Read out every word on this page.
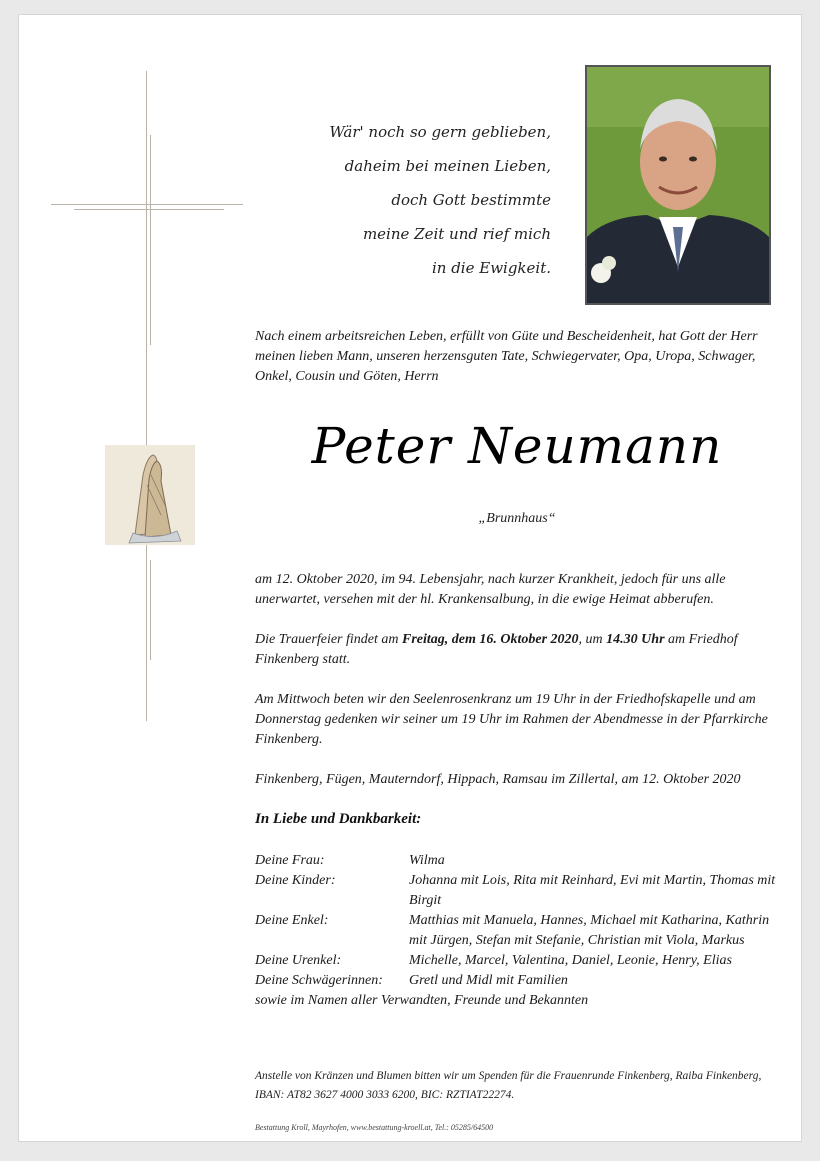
Wär' noch so gern geblieben,
daheim bei meinen Lieben,
doch Gott bestimmte
meine Zeit und rief mich
in die Ewigkeit.
Nach einem arbeitsreichen Leben, erfüllt von Güte und Bescheidenheit, hat Gott der Herr meinen lieben Mann, unseren herzensguten Tate, Schwiegervater, Opa, Uropa, Schwager, Onkel, Cousin und Göten, Herrn
Peter Neumann
„Brunnhaus“
am 12. Oktober 2020, im 94. Lebensjahr, nach kurzer Krankheit, jedoch für uns alle unerwartet, versehen mit der hl. Krankensalbung, in die ewige Heimat abberufen.
Die Trauerfeier findet am Freitag, dem 16. Oktober 2020, um 14.30 Uhr am Friedhof Finkenberg statt.
Am Mittwoch beten wir den Seelenrosenkranz um 19 Uhr in der Friedhofskapelle und am Donnerstag gedenken wir seiner um 19 Uhr im Rahmen der Abendmesse in der Pfarrkirche Finkenberg.
Finkenberg, Fügen, Mauterndorf, Hippach, Ramsau im Zillertal, am 12. Oktober 2020
In Liebe und Dankbarkeit:
Deine Frau:	Wilma
Deine Kinder:	Johanna mit Lois, Rita mit Reinhard, Evi mit Martin, Thomas mit Birgit
Deine Enkel:	Matthias mit Manuela, Hannes, Michael mit Katharina, Kathrin mit Jürgen, Stefan mit Stefanie, Christian mit Viola, Markus
Deine Urenkel:	Michelle, Marcel, Valentina, Daniel, Leonie, Henry, Elias
Deine Schwägerinnen:	Gretl und Midl mit Familien
sowie im Namen aller Verwandten, Freunde und Bekannten
Anstelle von Kränzen und Blumen bitten wir um Spenden für die Frauenrunde Finkenberg, Raiba Finkenberg, IBAN: AT82 3627 4000 3033 6200, BIC: RZTIAT22274.
Bestattung Kroll, Mayrhofen, www.bestattung-kroell.at, Tel.: 05285/64500
